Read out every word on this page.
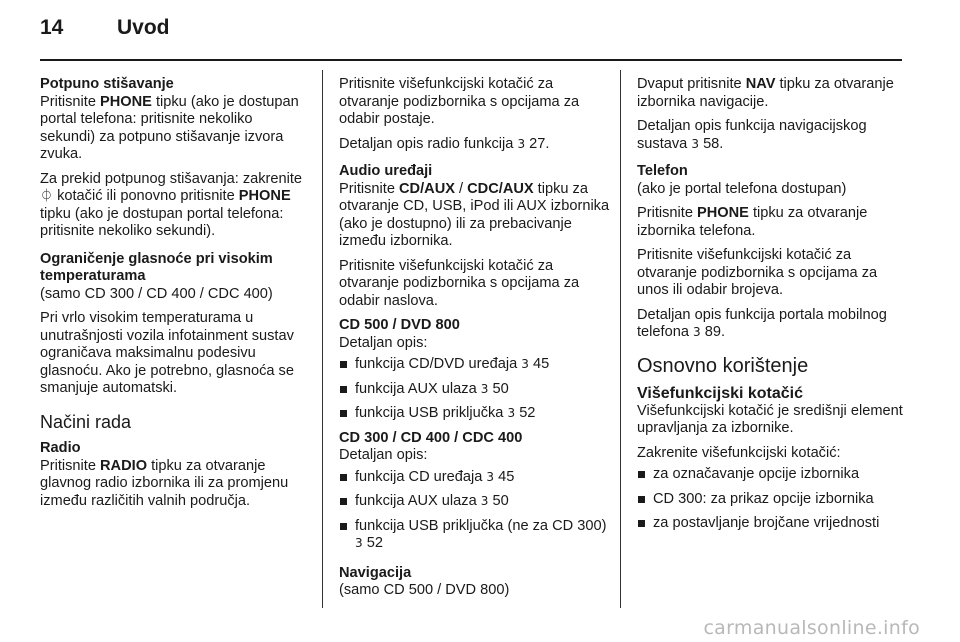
14	Uvod
Potpuno stišavanje

Pritisnite PHONE tipku (ako je dostupan portal telefona: pritisnite nekoliko sekundi) za potpuno stišavanje izvora zvuka.

Za prekid potpunog stišavanja: zakrenite ⏀ kotačić ili ponovno pritisnite PHONE tipku (ako je dostupan portal telefona: pritisnite nekoliko sekundi).

Ograničenje glasnoće pri visokim temperaturama

(samo CD 300 / CD 400 / CDC 400)

Pri vrlo visokim temperaturama u unutrašnjosti vozila infotainment sustav ograničava maksimalnu podesivu glasnoću. Ako je potrebno, glasnoća se smanjuje automatski.

Načini rada
Radio

Pritisnite RADIO tipku za otvaranje glavnog radio izbornika ili za promjenu između različitih valnih područja.

Pritisnite višefunkcijski kotačić za otvaranje podizbornika s opcijama za odabir postaje.

Detaljan opis radio funkcija 3 27.

Audio uređaji

Pritisnite CD/AUX / CDC/AUX tipku za otvaranje CD, USB, iPod ili AUX izbornika (ako je dostupno) ili za prebacivanje između izbornika.

Pritisnite višefunkcijski kotačić za otvaranje podizbornika s opcijama za odabir naslova.

CD 500 / DVD 800

Detaljan opis:

funkcija CD/DVD uređaja 3 45
funkcija AUX ulaza 3 50
funkcija USB priključka 3 52
CD 300 / CD 400 / CDC 400

Detaljan opis:

funkcija CD uređaja 3 45
funkcija AUX ulaza 3 50
funkcija USB priključka (ne za CD 300) 3 52
Navigacija

(samo CD 500 / DVD 800)

Dvaput pritisnite NAV tipku za otvaranje izbornika navigacije.

Detaljan opis funkcija navigacijskog sustava 3 58.

Telefon

(ako je portal telefona dostupan)

Pritisnite PHONE tipku za otvaranje izbornika telefona.

Pritisnite višefunkcijski kotačić za otvaranje podizbornika s opcijama za unos ili odabir brojeva.

Detaljan opis funkcija portala mobilnog telefona 3 89.

Osnovno korištenje
Višefunkcijski kotačić

Višefunkcijski kotačić je središnji element upravljanja za izbornike.

Zakrenite višefunkcijski kotačić:

za označavanje opcije izbornika
CD 300: za prikaz opcije izbornika
za postavljanje brojčane vrijednosti
carmanualsonline.info
